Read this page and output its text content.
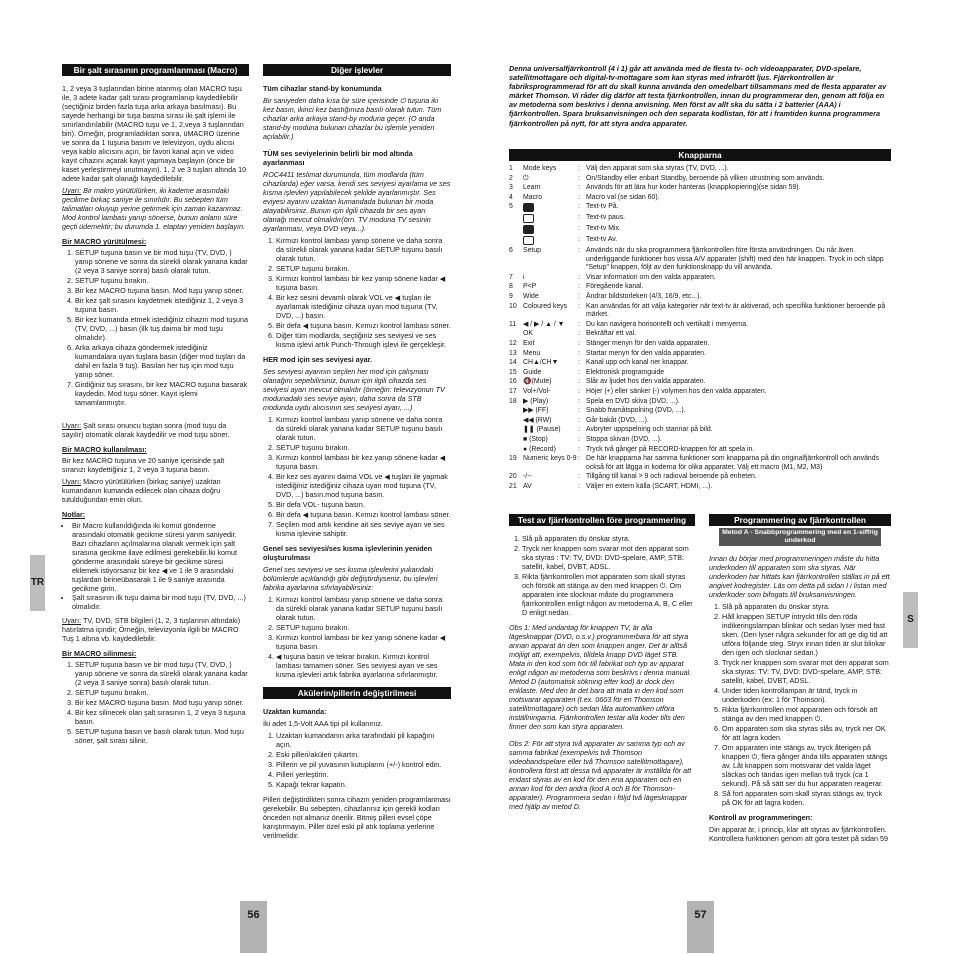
Bir şalt sırasının programlanması (Macro)

1, 2 veya 3 tuşlarından birine atanmış olan MACRO tuşu ile, 3 adete kadar şalt sırası programlanıp kaydedilebilir (seçtiğiniz birden fazla tuşa arka arkaya basılması). Bu sayede herhangi bir tuşa basma sırası iki şalt işlemi ile sınırlandırılabilir (MACRO tuşu ve 1, 2,veya 3 tuşlarından biri). Örneğin, programladıktan sonra, üMACRO üzerine ve sonra da 1 tuşuna basım ve televizyon, uydu alıcısı veya kablo alıcısını açın, bir favori kanal açın ve video kayıt cihazını açarak kayıt yapmaya başlayın (önce bir kaset yerleştirmeyi unutmayın). 1, 2 ve 3 tuşları altında 10 adete kadar şalt olanağı kaydedilebilir.

Uyarı: Bir makro yürütülürken, iki kademe arasındaki gecikme birkaç saniye ile sınırlıdır. Bu sebepten tüm talimatları okuyup yerine getirmek için zaman kazanmaz. Mod kontrol lambası yanıp sönerse, bunun anlamı süre geçti üdemektir; bu durumda 1. etaptan yeniden başlayın.

Bir MACRO yürütülmesi:
1. SETUP tuşuna basın ve bir mod tuşu (TV, DVD, ) yanıp sönene ve sonra da sürekli olarak yanana kadar (2 veya 3 saniye sonra) basılı olarak tutun.
2. SETUP tuşunu bırakın.
3. Bir kez MACRO tuşuna basın. Mod tuşu yanıp söner.
4. Bir kez şalt sırasını kaydetmek istediğiniz 1, 2 veya 3 tuşuna basın.
5. Bir kez kumanda etmek istediğiniz cihazın mod tuşuna (TV, DVD, ...) basın (ilk tuş daima bir mod tuşu olmalıdır).
6. Arka arkaya cihaza göndermek istediğiniz kumandalara uyan tuşlara basın (diğer mod tuşları da dahil en fazla 9 tuş). Basılan her tuş için mod tuşu yanıp söner.
7. Girdiğiniz tuş sırasını, bir kez MACRO tuşuna basarak kaydedin. Mod tuşu söner. Kayıt işlemi tamamlanmıştır.

Uyarı: Şalt sırası onuncu tuştan sonra (mod tuşu da sayılır) otomatik olarak kaydedilir ve mod tuşu söner.

Bir MACRO kullanılması:

Bir kez MACRO tuşuna ve 20 saniye içerisinde şalt sıranızı kaydettiğiniz 1, 2 veya 3 tuşuna basın.

Uyarı: Macro yürütülürken (birkaç saniye) uzaktan kumandanın kumanda edilecek olan cihaza doğru tutulduğundan emin olun.

Notlar:
• Bir Macro kullanıldığında iki komut gönderme arasındaki otomatik gecikme süresi yarım saniyedir. Bazı cihazların açılmalarına olanak vermek için şalt sırasına gecikme ilave edilmesi gerekebilir.İki komut gönderme arasındaki süreye bir gecikme süresi eklemek istiyorsanız bir kez ◀ ve 1 ile 9 arasındaki tuşlardan birineübasarak 1 ile 9 saniye arasında gecikme girin.
• Şalt sırasının ilk tuşu daima bir mod tuşu (TV, DVD, ...) olmalıdır.

Uyarı: TV, DVD, STB bilgileri (1, 2, 3 tuşlarının altındaki) hatırlatma içindir; Örneğin, televizyonla ilgili bir MACRO Tuş 1 altına vb. kaydedilebilir.

Bir MACRO silinmesi:
1. SETUP tuşuna basın ve bir mod tuşu (TV, DVD, ) yanıp sönene ve sonra da sürekli olarak yanana kadar (2 veya 3 saniye sonra) basılı olarak tutun.
2. SETUP tuşunu bırakın.
3. Bir kez MACRO tuşuna basın. Mod tuşu yanıp söner.
4. Bir kez silinecek olan şalt sırasının 1, 2 veya 3 tuşuna basın.
5. SETUP tuşuna basın ve basılı olarak tutun. Mod tuşu söner, şalt sırası silinir.
Diğer işlevler

Tüm cihazlar stand-by konumunda

Bir saniyeden daha kısa bir süre içerisinde ⏻ tuşuna iki kez basın, ikinci kez bastığınıza basılı olarak tutun. Tüm cihazlar arka arkaya stand-by moduna geçer. (O anda stand-by moduna bulunan cihazlar bu işlemle yeniden açılabilir.)

TÜM ses seviyelerinin belirli bir mod altında ayarlanması

ROC4411 teslimat durumunda, tüm modlarda (tüm cihazlarda) eğer varsa, kendi ses seviyesi ayarlama ve ses kısma işlevleri yapılabilecek şekilde ayarlanmıştır. Ses eviyesi ayarını uzaktan kumandada bulunan bir moda atayabilirsiniz. Bunun için ilgili cihazda bir ses ayarı olanağı mevcut olmalıdır(örn. TV moduna TV sesinin ayarlanması, veya DVD veya...).

1. Kırmızı kontrol lambası yanıp sönene ve daha sonra da sürekli olarak yanana kadar SETUP tuşunu basılı olarak tutun.
2. SETUP tuşunu bırakın.
3. Kırmızı kontrol lambası bir kez yanıp sönene kadar ◀ tuşuna basın.
4. Bir kez sesini devamlı olarak VOL ve ◀ tuşları ile ayarlamak istediğiniz cihaza uyan mod tuşuna (TV, DVD, ...) basın.
5. Bir defa ◀ tuşuna basın. Kırmızı kontrol lambası söner.
6. Diğer tüm modlarda, seçtiğiniz ses seviyesi ve ses kısma işlevi artık Punch-Through işlevi ile gerçekleşir.

HER mod için ses seviyesi ayar.

Ses seviyesi ayarının seçilen her mod için çalışması olanağını sepebilirsiniz, bunun için ilgili cihazda ses seviyesi ayarı mevcut olmalıdır (örneğin: televizyonun TV modunadaki ses seviye ayarı, daha sonra da STB modunda uydu alıcısının ses seviyesi ayarı, ...)

1. Kırmızı kontrol lambası yanıp sönene ve daha sonra da sürekli olarak yanana kadar SETUP tuşunu basılı olarak tutun.
2. SETUP tuşunu bırakın.
3. Kırmızı kontrol lambası bir kez yanıp sönene kadar ◀ tuşuna basın.
4. Bir kez ses ayarını daima VOL ve ◀ tuşları ile yapmak istediğiniz istediğiniz cihaza uyan mod tuşuna (TV, DVD, ...) basın.mod tuşuna basın.
5. Bir defa VOL- tuşuna basın.
6. Bir defa ◀ tuşuna basın. Kırmızı kontrol lambası söner.
7. Seçilen mod artık kendine ait ses seviye ayarı ve ses kısma işlevine sahiptir.

Genel ses seviyesi/ses kısma işlevlerinin yeniden oluşturulması

Genel ses seviyesi ve ses kısma işlevlerini yukarıdaki bölümlerde açıklandığı gibi değiştirdiyseniz, bu işlevleri fabrika ayarlarına sıfırlayabilirsiniz:

1. Kırmızı kontrol lambası yanıp sönene ve daha sonra da sürekli olarak yanana kadar SETUP tuşunu basılı olarak tutun.
2. SETUP tuşunu bırakın.
3. Kırmızı kontrol lambası bir kez yanıp sönene kadar ◀ tuşuna basın.
4. ◀ tuşuna basın ve tekrar bırakın. Kırmızı kontrol lambası tamamen söner. Ses seviyesi ayarı ve ses kısma işlevleri artık fabrika ayarlarına sıfırlanmıştır.
Akülerin/pillerin değiştirilmesi

Uzaktan kumanda:

İki adet 1,5-Volt AAA tipi pil kullanınız.

1. Uzaktan kumandanın arka tarafındaki pil kapağını açın.
2. Eski pilleri/aküleri çıkartın.
3. Pillerin ve pil yuvasının kutuplarını (+/-) kontrol edin.
4. Pilleri yerleştirin.
5. Kapağı tekrar kapatın.

Pilleri değiştirdikten sonra cihazın yeniden programlanması gerekebilir. Bu sebepten, cihazlarınız için gerekli kodları önceden not almanız önerilir. Bitmiş pilleri evsel çöpe karıştırmayın. Piller özel eski pil atık toplama yerlerine verilmelidir.

TR
56

Denna universalfjärrkontroll (4 i 1) går att använda med de flesta tv- och videoapparater, DVD-spelare, satellitmottagare och digital-tv-mottagare som kan styras med infrarött ljus. Fjärrkontrollen är fabriksprogrammerad för att du skall kunna använda den omedelbart tillsammans med de flesta apparater av märket Thomson. Vi råder dig därför att testa fjärrkontrollen, innan du programmerar den, genom att följa en av metoderna som beskrivs i denna anvisning. Men först av allt ska du sätta i 2 batterier (AAA) i fjärrkontrollen. Spara bruksanvisningen och den separata kodlistan, för att i framtiden kunna programmera fjärrkontrollen på nytt, för att styra andra apparater.

Knapparna
1	Mode keys	:	Välj den apparat som ska styras (TV, DVD, ...).
2	⏻	:	On/Standby eller enbart Standby, beroende på vilken utrustning som används.
3	Learn	:	Används för att lära hur koder hanteras (knappkopiering)(se sidan 59).
4	Macro	:	Macro val (se sidan 60).
5		:	Text-tv På.
		:	Text-tv paus.
		:	Text-tv Mix.
		:	Text-tv Av.
6	Setup	:	Används när du ska programmera fjärrkontrollen före första användningen. Du når även underliggande funktioner hos vissa A/V apparater (shift) med den här knappen. Tryck in och släpp "Setup" knappen, följt av den funktionsknapp du vill använda.
7	i	:	Visar information om den valda apparaten.
8	P<P	:	Föregående kanal.
9	Wide	:	Ändrar bildstorleken (4/3, 16/9, etc...).
10	Coloured keys	:	Kan användas för att välja kategorier när text-tv är aktiverad, och specifika funktioner beroende på märket.
11	◀ / ▶ / ▲ / ▼	:	Du kan navigera horisontellt och vertikalt i menyerna.
	OK	:	Bekräftar ett val.
12	Exit	:	Stänger menyn för den valda apparaten.
13	Menu	:	Startar menyn för den valda apparaten.
14	CH▲/CH▼	:	Kanal upp och kanal ner knappar.
15	Guide	:	Elektronisk programguide
16	🔇(Mute)	:	Slår av ljudet hos den valda apparaten.
17	Vol+/Vol-	:	Höjer (+) eller sänker (-) volymen hos den valda apparaten.
18	▶ (Play)	:	Spela en DVD skiva (DVD, ...).
	▶▶ (FF)	:	Snabb framåtspolning (DVD, ...).
	◀◀ (RW)	:	Går bakåt (DVD, ...).
	❚❚ (Pause)	:	Avbryter uppspelning och stannar på bild.
	■ (Stop)	:	Stoppa skivan (DVD, ...).
	● (Record)	:	Tryck två gånger på RECORD-knappen för att spela in.
19	Numeric keys 0-9	:	De här knapparna har samma funktioner som knapparna på din originalfjärrkontroll och används också för att lägga in koderna för olika apparater. Välj ett macro (M1, M2, M3)
20	-/--	:	Tillgång till kanal > 9 och radioval beroende på enheten.
21	AV	:	Väljer en extern källa (SCART, HDMI, ...).
Test av fjärrkontrollen före programmering
1. Slå på apparaten du önskar styra.
2. Tryck ner knappen som svarar mot den apparat som ska styras : TV: TV, DVD: DVD-spelare, AMP, STB: satellit, kabel, DVBT, ADSL.
3. Rikta fjärrkontrollen mot apparaten som skall styras och försök att stänga av den med knappen ⏻. Om apparaten inte slocknar måste du programmera fjärrkontrollen enligt någon av metoderna A, B, C eller D enligt nedan.

Obs 1: Med undantag för knappen TV, är alla lägesknappar (DVD, o.s.v.) programmerbara för att styra annan apparat än den som knappen anger. Det är alltså möjligt att, exempelvis, tilldela knapp DVD läget STB. Mata in den kod som hör till fabrikat och typ av apparat enligt någon av metoderna som beskrivs i denna manual. Metod D (automatisk sökning efter kod) är dock den enklaste. Med den är det bara att mata in den kod som motsvarar apparaten (t.ex. 0603 för en Thomson satellitmottagare) och sedan låta automatiken utföra inställningarna. Fjärrkontrollen testar alla koder tills den finner den som kan styra apparaten.

Obs 2: För att styra två apparater av samma typ och av samma fabrikat (exempelvis två Thomson videobandspelare eller två Thomson satellitmottagare), kontrollera först att dessa två apparater är inställda för att endast styras av en kod för den ena apparaten och en annan kod för den andra (kod A och B för Thomson-apparater). Programmera sedan i följd två lägesknappar med hjälp av metod D.

Programmering av fjärrkontrollen
Metod A - Snabbprogrammering med en 1-siffrig underkod

Innan du börjar med programmeringen måste du hitta underkoden till apparaten som ska styras. När underkoden har hittats kan fjärrkontrollen ställas in på ett angivet kodregister. Läs om detta på sidan I i listan med underkoder som bifogats till bruksanvisningen.

1. Slå på apparaten du önskar styra.
2. Håll knappen SETUP intryckt tills den röda indikeringslampan blinkar och sedan lyser med fast sken. (Den lyser några sekunder för att ge dig tid att utföra följande steg. Stryx innan tiden är slut blinkar den igen och slocknar sedan.)
3. Tryck ner knappen som svarar mot den apparat som ska styras: TV: TV, DVD: DVD-spelare, AMP, STB: satellit, kabel, DVBT, ADSL.
4. Under tiden kontrollampan är tänd, tryck in underkoden (ex: 1 för Thomson).
5. Rikta fjärrkontrollen mot apparaten och försök att stänga av den med knappen ⏻.
6. Om apparaten som ska styras slås av, tryck ner OK för att lagra koden.
7. Om apparaten inte stängs av, tryck återigen på knappen ⏻, flera gånger ända tills apparaten stängs av. Låt knappen som motsvarar det valda läget släckas och tändas igen mellan två tryck (ca 1 sekund). På så sätt ser du hur apparaten reagerar.
8. Så fort apparaten som skall styras stängs av, tryck på OK för att lagra koden.

Kontroll av programmeringen:

Din apparat är, i princip, klar att styras av fjärrkontrollen. Kontrollera funktionen genom att göra testet på sidan 59

S
57
